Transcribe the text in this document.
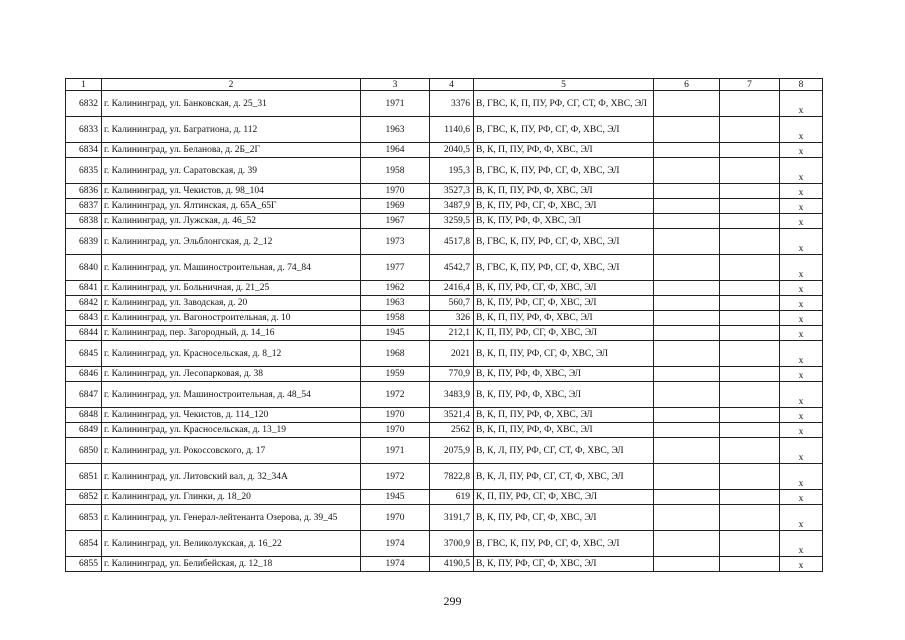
1	2	3	4	5	6	7	8
6832	г. Калининград, ул. Банковская, д. 25_31	1971	3376	В, ГВС, К, П, ПУ, РФ, СГ, СТ, Ф, ХВС, ЭЛ			х
6833	г. Калининград, ул. Багратиона, д. 112	1963	1140,6	В, ГВС, К, ПУ, РФ, СГ, Ф, ХВС, ЭЛ			х
6834	г. Калининград, ул. Беланова, д. 2Б_2Г	1964	2040,5	В, К, П, ПУ, РФ, Ф, ХВС, ЭЛ			х
6835	г. Калининград, ул. Саратовская, д. 39	1958	195,3	В, ГВС, К, ПУ, РФ, СГ, Ф, ХВС, ЭЛ			х
6836	г. Калининград, ул. Чекистов, д. 98_104	1970	3527,3	В, К, П, ПУ, РФ, Ф, ХВС, ЭЛ			х
6837	г. Калининград, ул. Ялтинская, д. 65А_65Г	1969	3487,9	В, К, ПУ, РФ, СГ, Ф, ХВС, ЭЛ			х
6838	г. Калининград, ул. Лужская, д. 46_52	1967	3259,5	В, К, ПУ, РФ, Ф, ХВС, ЭЛ			х
6839	г. Калининград, ул. Эльблонгская, д. 2_12	1973	4517,8	В, ГВС, К, ПУ, РФ, СГ, Ф, ХВС, ЭЛ			х
6840	г. Калининград, ул. Машиностроительная, д. 74_84	1977	4542,7	В, ГВС, К, ПУ, РФ, СГ, Ф, ХВС, ЭЛ			х
6841	г. Калининград, ул. Больничная, д. 21_25	1962	2416,4	В, К, ПУ, РФ, СГ, Ф, ХВС, ЭЛ			х
6842	г. Калининград, ул. Заводская, д. 20	1963	560,7	В, К, ПУ, РФ, СГ, Ф, ХВС, ЭЛ			х
6843	г. Калининград, ул. Вагоностроительная, д. 10	1958	326	В, К, П, ПУ, РФ, Ф, ХВС, ЭЛ			х
6844	г. Калининград, пер. Загородный, д. 14_16	1945	212,1	К, П, ПУ, РФ, СГ, Ф, ХВС, ЭЛ			х
6845	г. Калининград, ул. Красносельская, д. 8_12	1968	2021	В, К, П, ПУ, РФ, СГ, Ф, ХВС, ЭЛ			х
6846	г. Калининград, ул. Лесопарковая, д. 38	1959	770,9	В, К, ПУ, РФ, Ф, ХВС, ЭЛ			х
6847	г. Калининград, ул. Машиностроительная, д. 48_54	1972	3483,9	В, К, ПУ, РФ, Ф, ХВС, ЭЛ			х
6848	г. Калининград, ул. Чекистов, д. 114_120	1970	3521,4	В, К, П, ПУ, РФ, Ф, ХВС, ЭЛ			х
6849	г. Калининград, ул. Красносельская, д. 13_19	1970	2562	В, К, П, ПУ, РФ, Ф, ХВС, ЭЛ			х
6850	г. Калининград, ул. Рокоссовского, д. 17	1971	2075,9	В, К, Л, ПУ, РФ, СГ, СТ, Ф, ХВС, ЭЛ			х
6851	г. Калининград, ул. Литовский вал, д. 32_34А	1972	7822,8	В, К, Л, ПУ, РФ, СГ, СТ, Ф, ХВС, ЭЛ			х
6852	г. Калининград, ул. Глинки, д. 18_20	1945	619	К, П, ПУ, РФ, СГ, Ф, ХВС, ЭЛ			х
6853	г. Калининград, ул. Генерал-лейтенанта Озерова, д. 39_45	1970	3191,7	В, К, ПУ, РФ, СГ, Ф, ХВС, ЭЛ			х
6854	г. Калининград, ул. Великолукская, д. 16_22	1974	3700,9	В, ГВС, К, ПУ, РФ, СГ, Ф, ХВС, ЭЛ			х
6855	г. Калининград, ул. Белибейская, д. 12_18	1974	4190,5	В, К, ПУ, РФ, СГ, Ф, ХВС, ЭЛ			х
299
